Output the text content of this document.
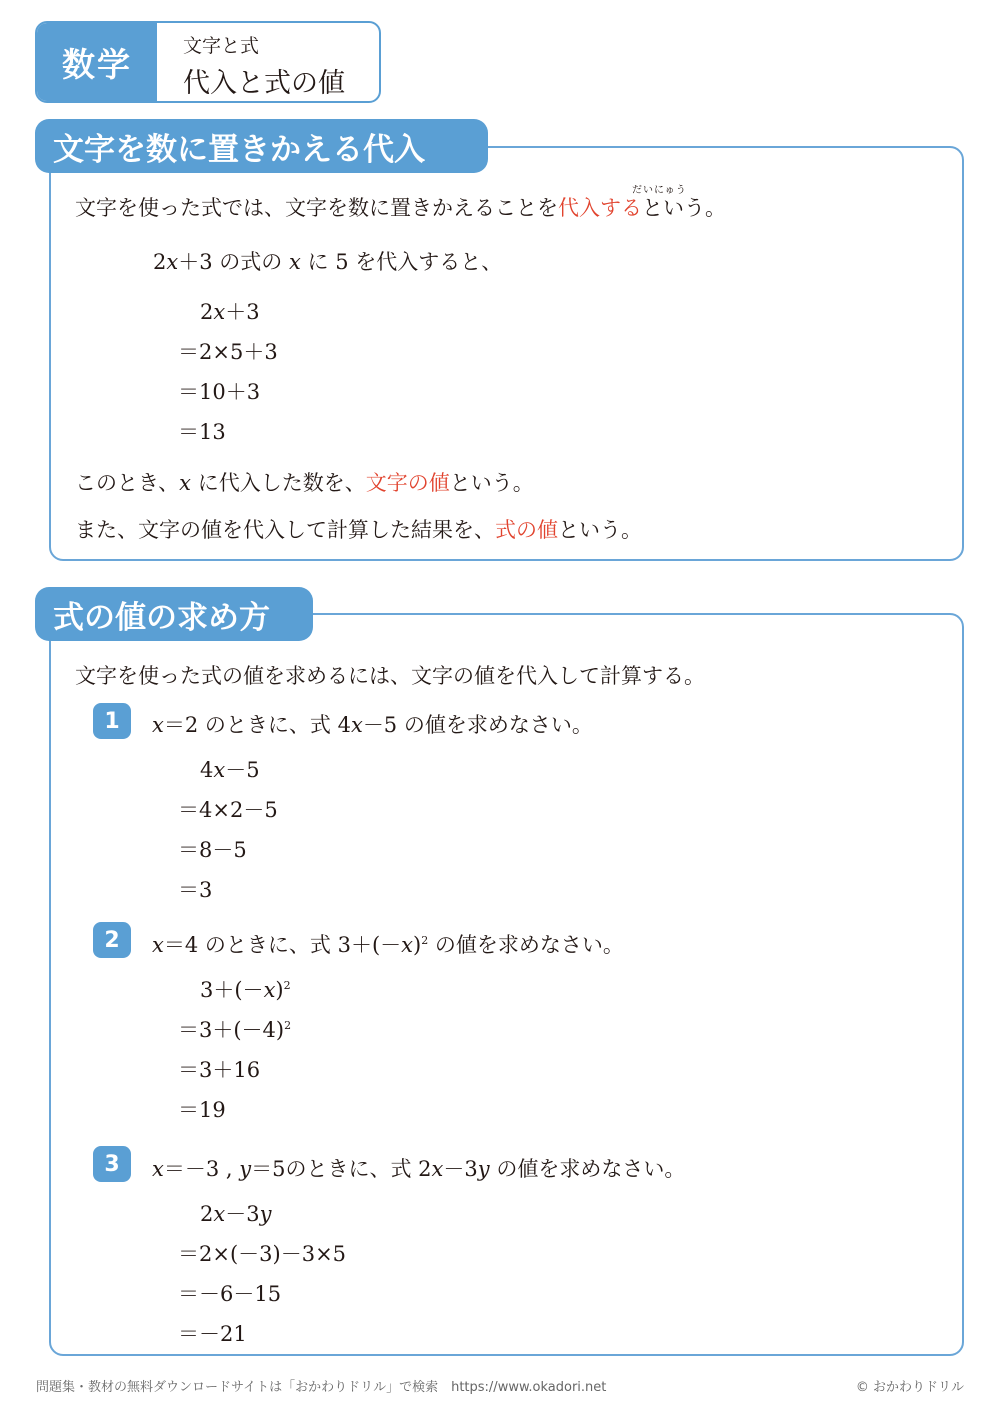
数学	文字と式
代入と式の値
文字を数に置きかえる代入
だいにゅう
文字を使った式では、文字を数に置きかえることを代入するという。
2x＋3 の式の x に 5 を代入すると、
2x＋3
＝2×5＋3
＝10＋3
＝13
このとき、x に代入した数を、文字の値という。
また、文字の値を代入して計算した結果を、式の値という。
式の値の求め方
文字を使った式の値を求めるには、文字の値を代入して計算する。
1	x＝2 のときに、式 4x－5 の値を求めなさい。
4x－5
＝4×2－5
＝8－5
＝3
2	x＝4 のときに、式 $3+(-x)^2$ の値を求めなさい。
$3+(-x)^2$
$=3+(-4)^2$
＝3＋16
＝19
3	x＝－3 , y＝5のときに、式 2x－3y の値を求めなさい。
2x－3y
＝2×(－3)－3×5
＝－6－15
＝－21
問題集・教材の無料ダウンロードサイトは「おかわりドリル」で検索　https://www.okadori.net	© おかわりドリル
